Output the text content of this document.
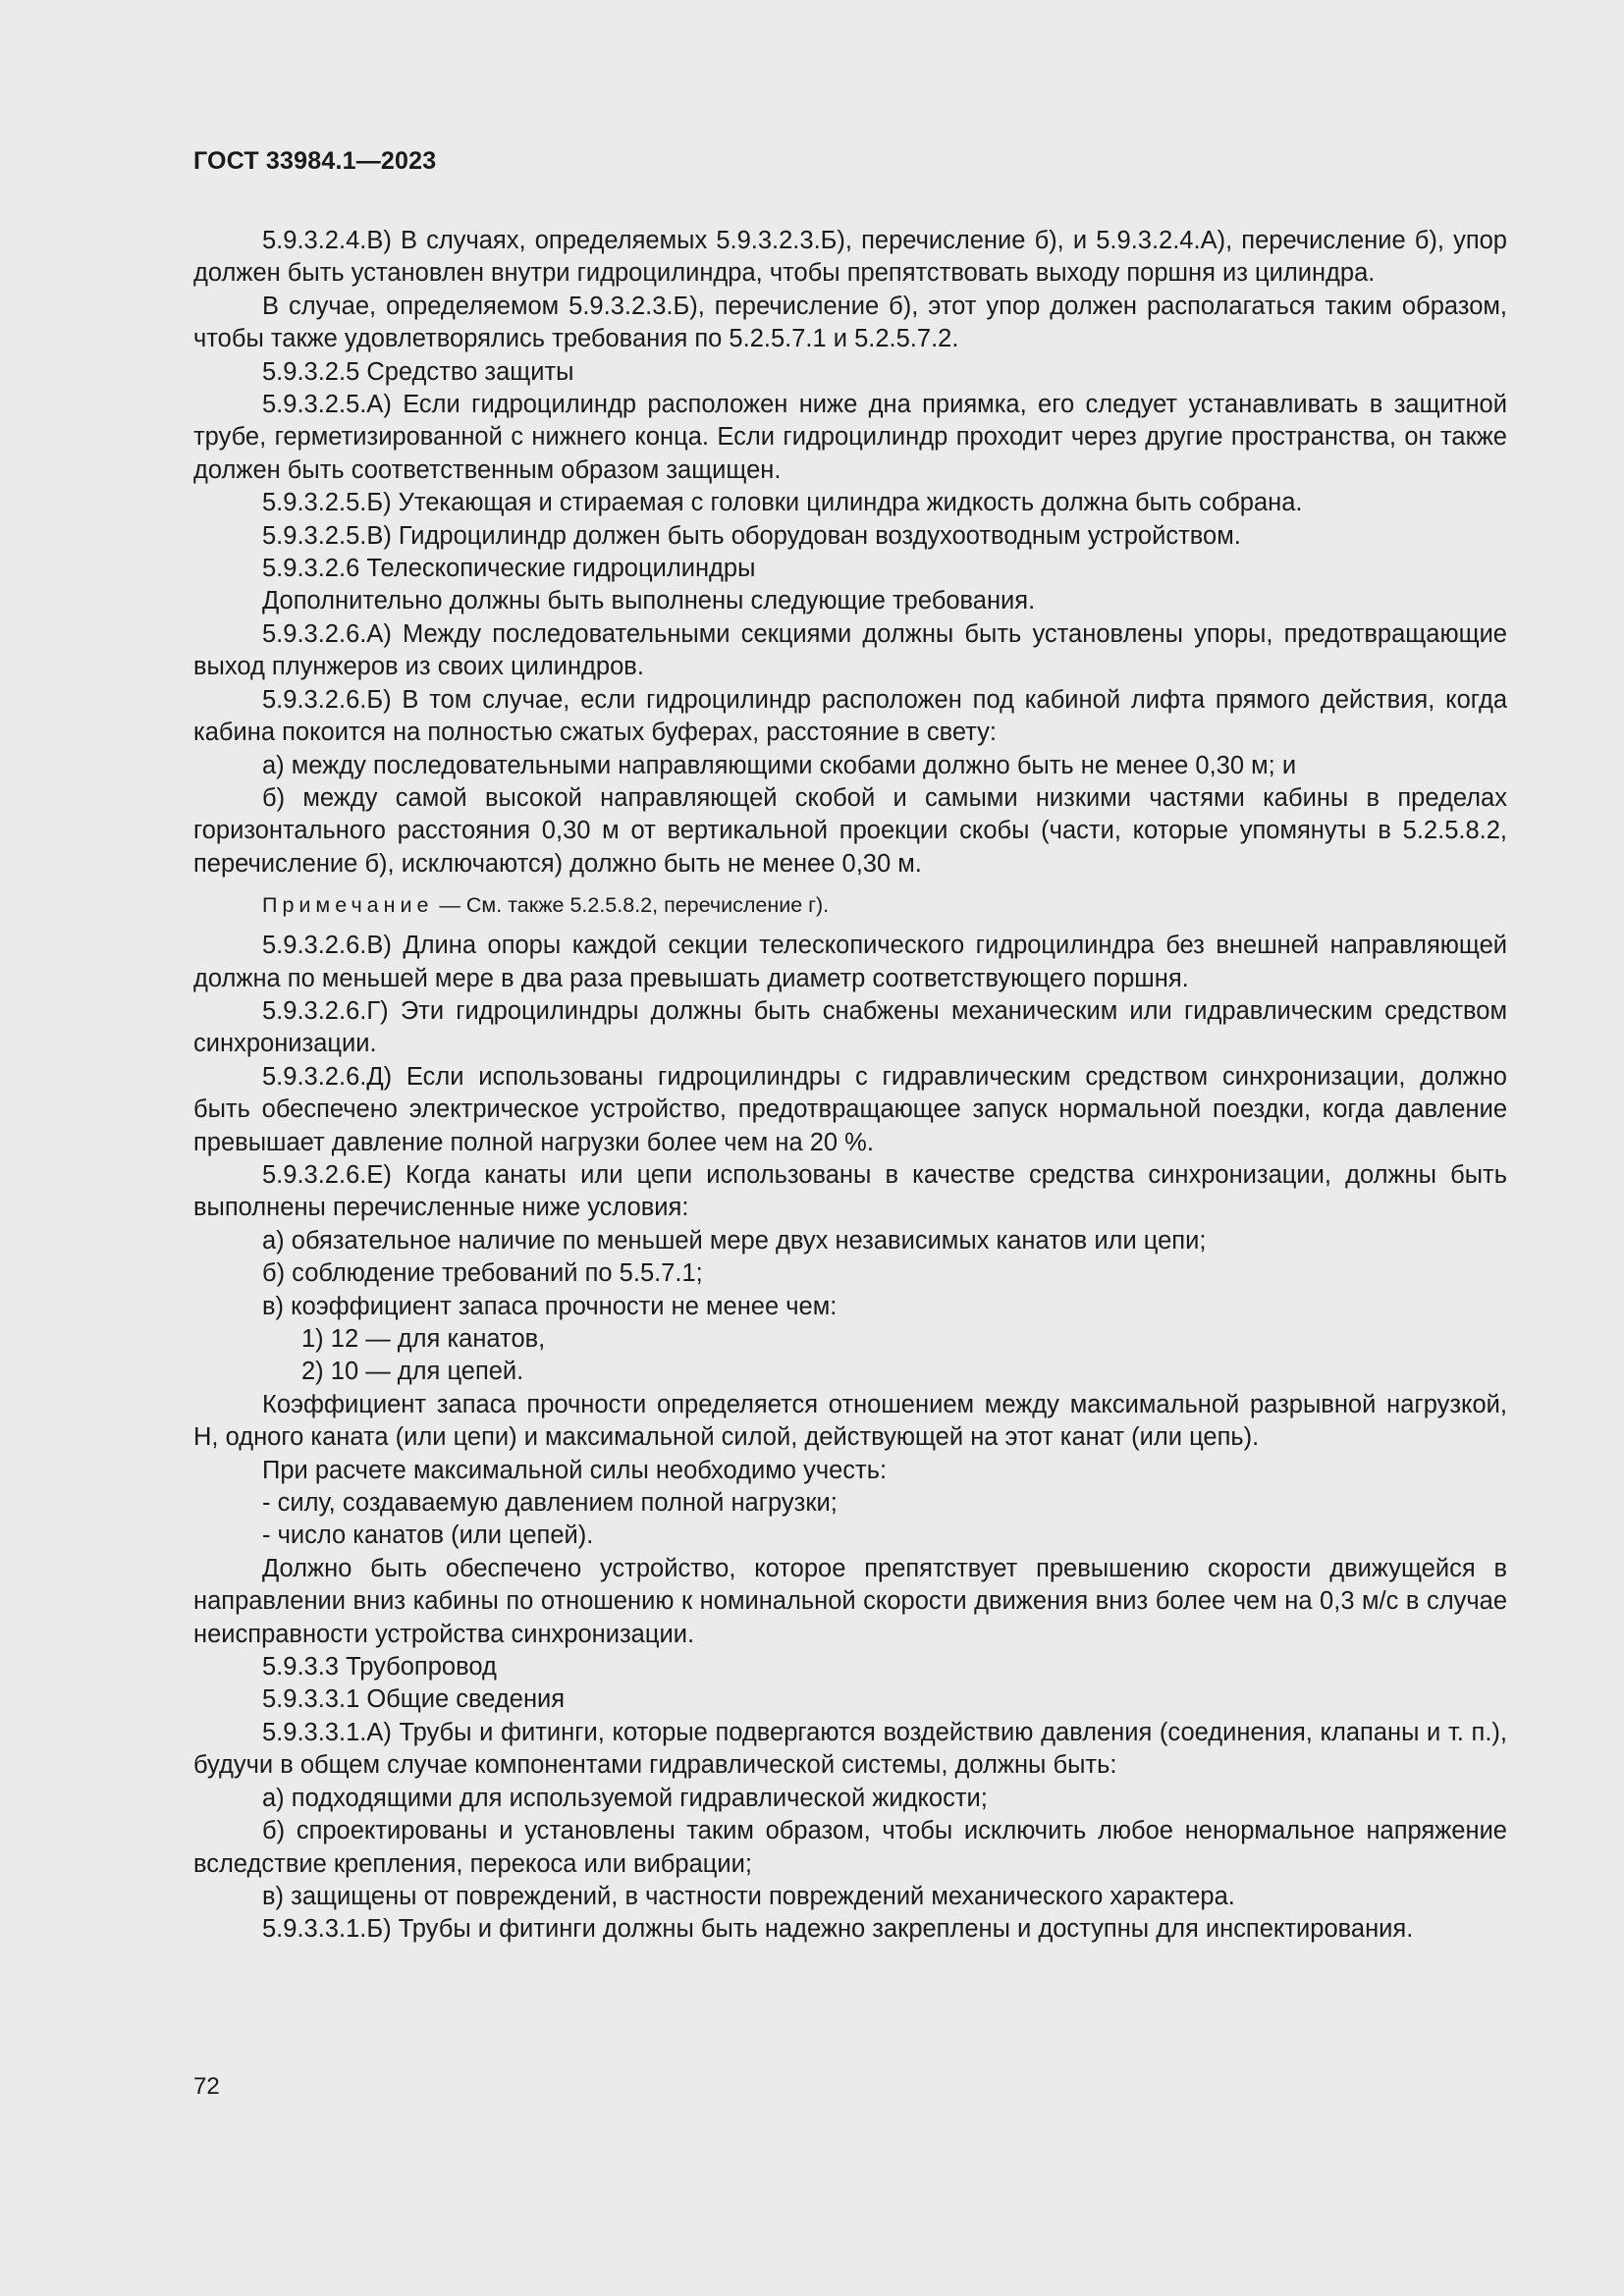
ГОСТ 33984.1—2023

5.9.3.2.4.В) В случаях, определяемых 5.9.3.2.3.Б), перечисление б), и 5.9.3.2.4.А), перечисление б), упор должен быть установлен внутри гидроцилиндра, чтобы препятствовать выходу поршня из цилиндра.

В случае, определяемом 5.9.3.2.3.Б), перечисление б), этот упор должен располагаться таким образом, чтобы также удовлетворялись требования по 5.2.5.7.1 и 5.2.5.7.2.

5.9.3.2.5 Средство защиты

5.9.3.2.5.А) Если гидроцилиндр расположен ниже дна приямка, его следует устанавливать в защитной трубе, герметизированной с нижнего конца. Если гидроцилиндр проходит через другие пространства, он также должен быть соответственным образом защищен.

5.9.3.2.5.Б) Утекающая и стираемая с головки цилиндра жидкость должна быть собрана.

5.9.3.2.5.В) Гидроцилиндр должен быть оборудован воздухоотводным устройством.

5.9.3.2.6 Телескопические гидроцилиндры

Дополнительно должны быть выполнены следующие требования.

5.9.3.2.6.А) Между последовательными секциями должны быть установлены упоры, предотвращающие выход плунжеров из своих цилиндров.

5.9.3.2.6.Б) В том случае, если гидроцилиндр расположен под кабиной лифта прямого действия, когда кабина покоится на полностью сжатых буферах, расстояние в свету:

а) между последовательными направляющими скобами должно быть не менее 0,30 м; и

б) между самой высокой направляющей скобой и самыми низкими частями кабины в пределах горизонтального расстояния 0,30 м от вертикальной проекции скобы (части, которые упомянуты в 5.2.5.8.2, перечисление б), исключаются) должно быть не менее 0,30 м.

Примечание — См. также 5.2.5.8.2, перечисление г).

5.9.3.2.6.В) Длина опоры каждой секции телескопического гидроцилиндра без внешней направляющей должна по меньшей мере в два раза превышать диаметр соответствующего поршня.

5.9.3.2.6.Г) Эти гидроцилиндры должны быть снабжены механическим или гидравлическим средством синхронизации.

5.9.3.2.6.Д) Если использованы гидроцилиндры с гидравлическим средством синхронизации, должно быть обеспечено электрическое устройство, предотвращающее запуск нормальной поездки, когда давление превышает давление полной нагрузки более чем на 20 %.

5.9.3.2.6.Е) Когда канаты или цепи использованы в качестве средства синхронизации, должны быть выполнены перечисленные ниже условия:

а) обязательное наличие по меньшей мере двух независимых канатов или цепи;

б) соблюдение требований по 5.5.7.1;

в) коэффициент запаса прочности не менее чем:

1) 12 — для канатов,

2) 10 — для цепей.

Коэффициент запаса прочности определяется отношением между максимальной разрывной нагрузкой, Н, одного каната (или цепи) и максимальной силой, действующей на этот канат (или цепь).

При расчете максимальной силы необходимо учесть:

- силу, создаваемую давлением полной нагрузки;

- число канатов (или цепей).

Должно быть обеспечено устройство, которое препятствует превышению скорости движущейся в направлении вниз кабины по отношению к номинальной скорости движения вниз более чем на 0,3 м/с в случае неисправности устройства синхронизации.

5.9.3.3 Трубопровод

5.9.3.3.1 Общие сведения

5.9.3.3.1.А) Трубы и фитинги, которые подвергаются воздействию давления (соединения, клапаны и т. п.), будучи в общем случае компонентами гидравлической системы, должны быть:

а) подходящими для используемой гидравлической жидкости;

б) спроектированы и установлены таким образом, чтобы исключить любое ненормальное напряжение вследствие крепления, перекоса или вибрации;

в) защищены от повреждений, в частности повреждений механического характера.

5.9.3.3.1.Б) Трубы и фитинги должны быть надежно закреплены и доступны для инспектирования.

72
